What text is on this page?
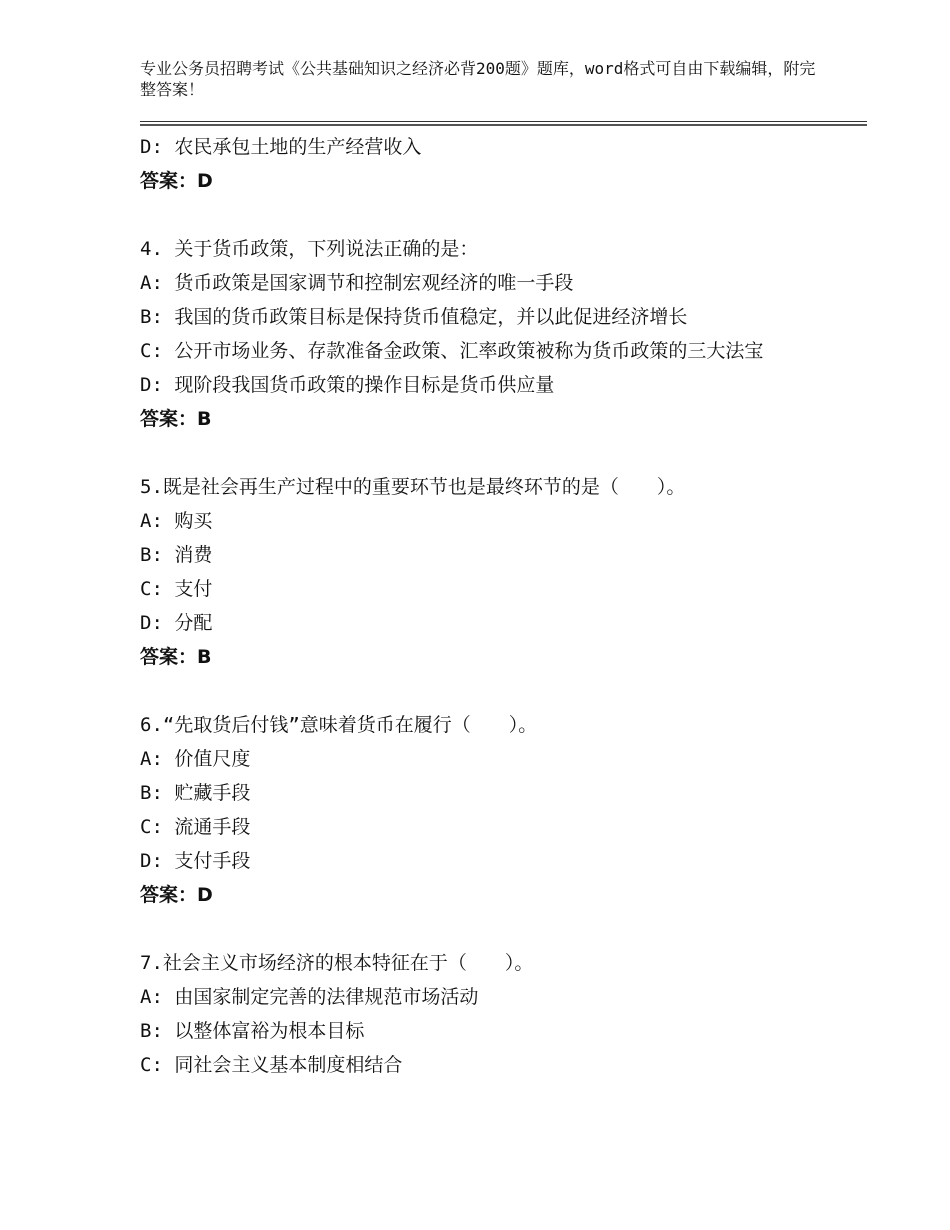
专业公务员招聘考试《公共基础知识之经济必背200题》题库，word格式可自由下载编辑，附完整答案！
D: 农民承包土地的生产经营收入
答案：D
4. 关于货币政策，下列说法正确的是：
A: 货币政策是国家调节和控制宏观经济的唯一手段
B: 我国的货币政策目标是保持货币值稳定，并以此促进经济增长
C: 公开市场业务、存款准备金政策、汇率政策被称为货币政策的三大法宝
D: 现阶段我国货币政策的操作目标是货币供应量
答案：B
5.既是社会再生产过程中的重要环节也是最终环节的是（　　）。
A: 购买
B: 消费
C: 支付
D: 分配
答案：B
6.“先取货后付钱”意味着货币在履行（　　）。
A: 价值尺度
B: 贮藏手段
C: 流通手段
D: 支付手段
答案：D
7.社会主义市场经济的根本特征在于（　　）。
A: 由国家制定完善的法律规范市场活动
B: 以整体富裕为根本目标
C: 同社会主义基本制度相结合
